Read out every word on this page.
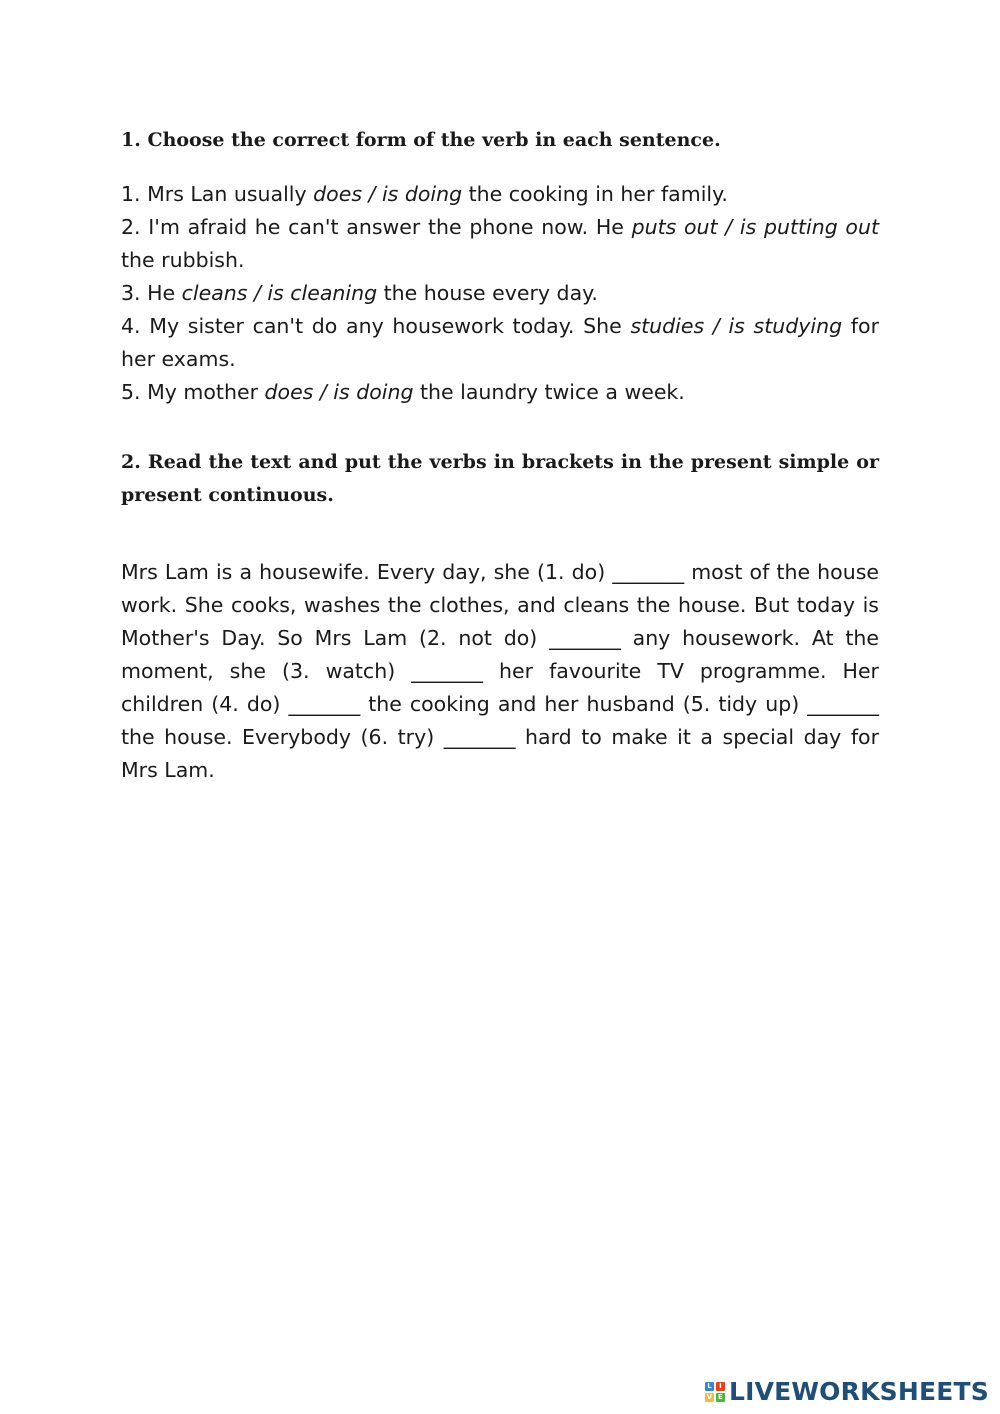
1. Choose the correct form of the verb in each sentence.

1. Mrs Lan usually does / is doing the cooking in her family.

2. I'm afraid he can't answer the phone now. He puts out / is putting out the rubbish.

3. He cleans / is cleaning the house every day.

4. My sister can't do any housework today. She studies / is studying for her exams.

5. My mother does / is doing the laundry twice a week.

2. Read the text and put the verbs in brackets in the present simple or present continuous.

Mrs Lam is a housewife. Every day, she (1. do) _______ most of the house work. She cooks, washes the clothes, and cleans the house. But today is Mother's Day. So Mrs Lam (2. not do) _______ any housework. At the moment, she (3. watch) _______ her favourite TV programme. Her children (4. do) _______ the cooking and her husband (5. tidy up) _______ the house. Everybody (6. try) _______ hard to make it a special day for Mrs Lam.

L	I
V E LIVEWORKSHEETS
